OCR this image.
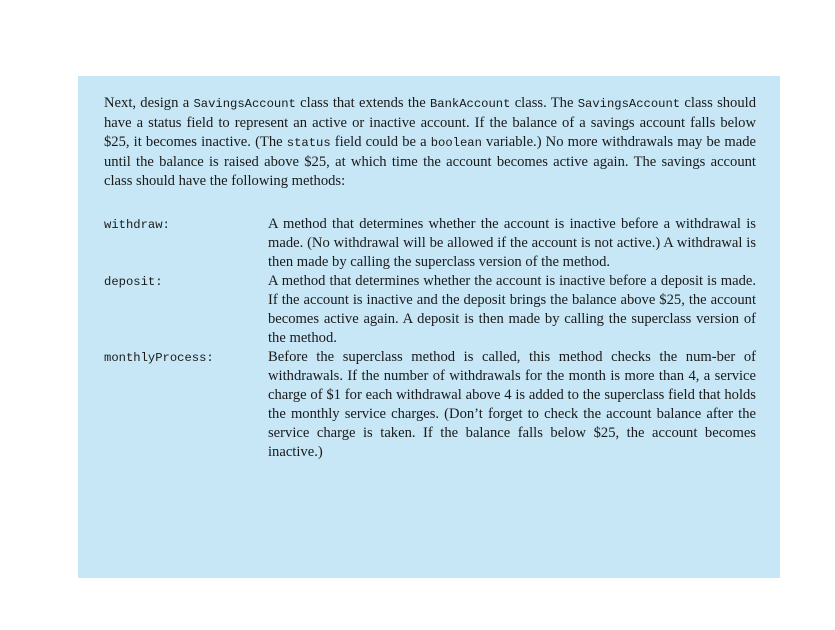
Next, design a SavingsAccount class that extends the BankAccount class. The SavingsAccount class should have a status field to represent an active or inactive account. If the balance of a savings account falls below $25, it becomes inactive. (The status field could be a boolean variable.) No more withdrawals may be made until the balance is raised above $25, at which time the account becomes active again. The savings account class should have the following methods:

withdraw:	A method that determines whether the account is inactive before a withdrawal is made. (No withdrawal will be allowed if the account is not active.) A withdrawal is then made by calling the superclass version of the method.

deposit:	A method that determines whether the account is inactive before a deposit is made. If the account is inactive and the deposit brings the balance above $25, the account becomes active again. A deposit is then made by calling the superclass version of the method.

monthlyProcess:	Before the superclass method is called, this method checks the num-ber of withdrawals. If the number of withdrawals for the month is more than 4, a service charge of $1 for each withdrawal above 4 is added to the superclass field that holds the monthly service charges. (Don’t forget to check the account balance after the service charge is taken. If the balance falls below $25, the account becomes inactive.)
